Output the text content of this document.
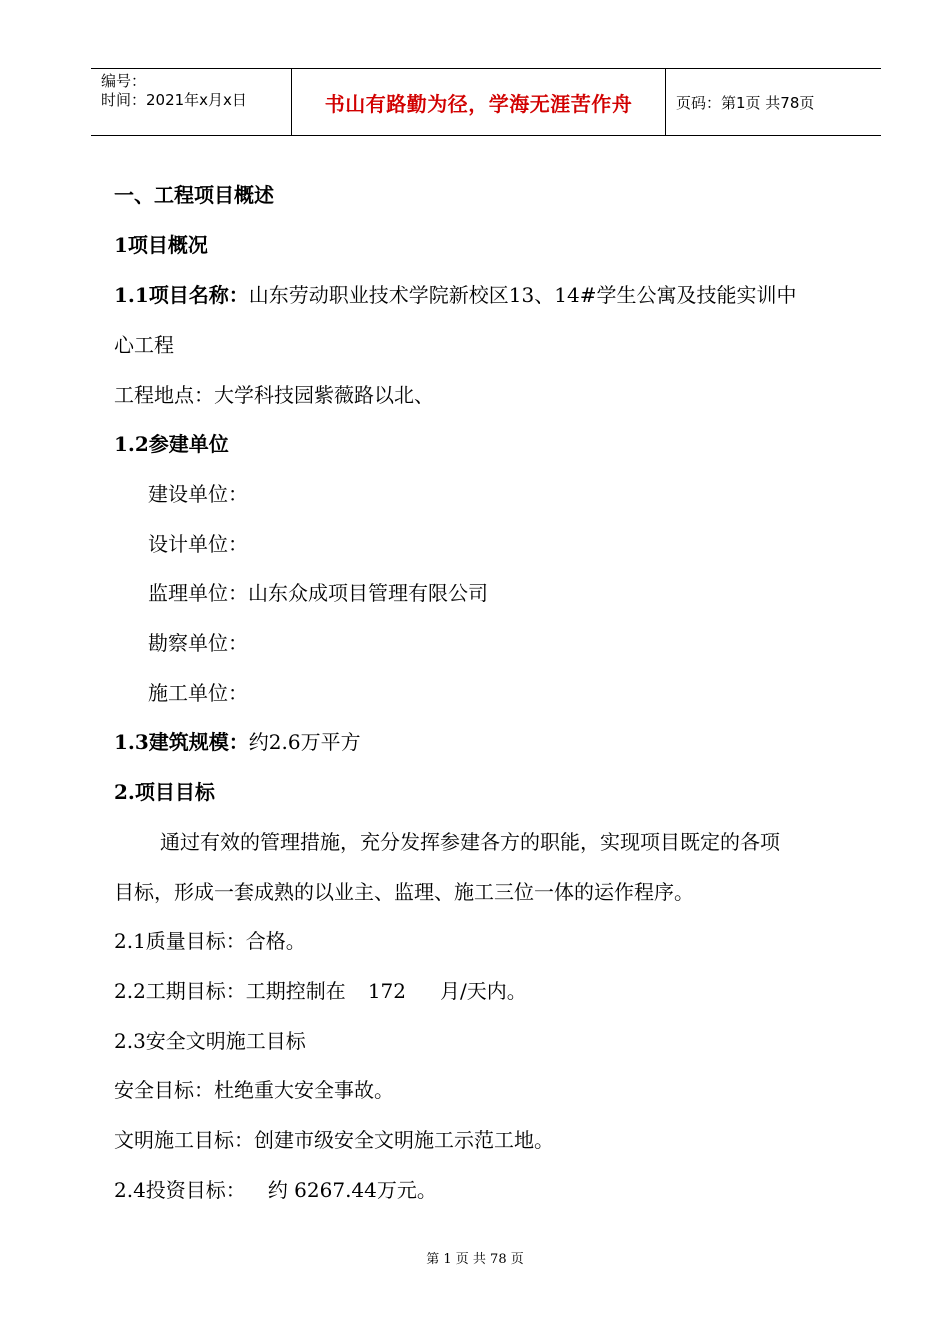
编号：
时间：2021年x月x日	书山有路勤为径，学海无涯苦作舟	页码：第1页 共78页
一、工程项目概述
1项目概况
1.1项目名称：山东劳动职业技术学院新校区13、14#学生公寓及技能实训中
心工程
工程地点：大学科技园紫薇路以北、
1.2参建单位
建设单位：
设计单位：
监理单位：山东众成项目管理有限公司
勘察单位：
施工单位：
1.3建筑规模：约2.6万平方
2.项目目标
通过有效的管理措施，充分发挥参建各方的职能，实现项目既定的各项
目标，形成一套成熟的以业主、监理、施工三位一体的运作程序。
2.1质量目标：合格。
2.2工期目标：工期控制在 172 月/天内。
2.3安全文明施工目标
安全目标：杜绝重大安全事故。
文明施工目标：创建市级安全文明施工示范工地。
2.4投资目标： 约 6267.44万元。
第 1 页 共 78 页
